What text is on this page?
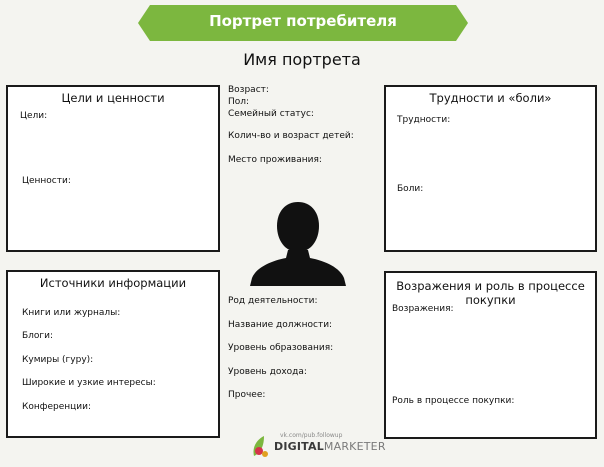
Портрет потребителя
Имя портрета
Цели и ценности
Цели:
Ценности:
Трудности и «боли»
Трудности:
Боли:
Источники информации
Книги или журналы:
Блоги:
Кумиры (гуру):
Широкие и узкие интересы:
Конференции:
Возражения и роль в процессе покупки
Возражения:
Роль в процессе покупки:
Возраст:
Пол:
Семейный статус:
Колич-во и возраст детей:
Место проживания:
Род деятельности:
Название должности:
Уровень образования:
Уровень дохода:
Прочее:
vk.com/pub.followup
DIGITALMARKETER
